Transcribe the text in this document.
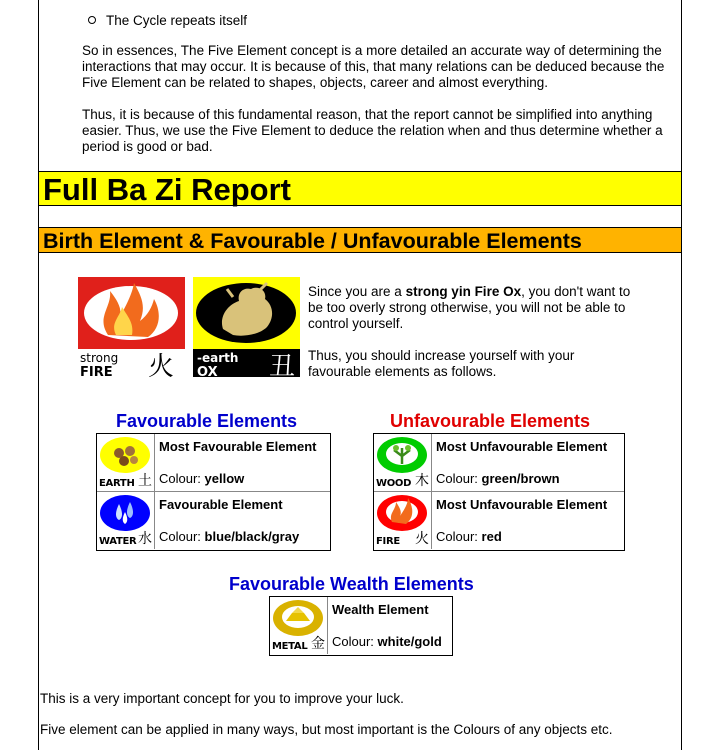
The Cycle repeats itself

So in essences, The Five Element concept is a more detailed an accurate way of determining the interactions that may occur. It is because of this, that many relations can be deduced because the Five Element can be related to shapes, objects, career and almost everything.

Thus, it is because of this fundamental reason, that the report cannot be simplified into anything easier. Thus, we use the Five Element to deduce the relation when and thus determine whether a period is good or bad.

Full Ba Zi Report
Birth Element & Favourable / Unfavourable Elements
strong
FIRE 火 -earth
OX 丑

Since you are a strong yin Fire Ox, you don't want to be too overly strong otherwise, you will not be able to control yourself.

Thus, you should increase yourself with your favourable elements as follows.

Favourable Elements	Unfavourable Elements
EARTH 土
Most Favourable Element
Colour: yellow
WATER 水
Favourable Element
Colour: blue/black/gray
WOOD 木
Most Unfavourable Element
Colour: green/brown
FIRE 火
Most Unfavourable Element
Colour: red
Favourable Wealth Elements
METAL 金
Wealth Element
Colour: white/gold

This is a very important concept for you to improve your luck.

Five element can be applied in many ways, but most important is the Colours of any objects etc.
